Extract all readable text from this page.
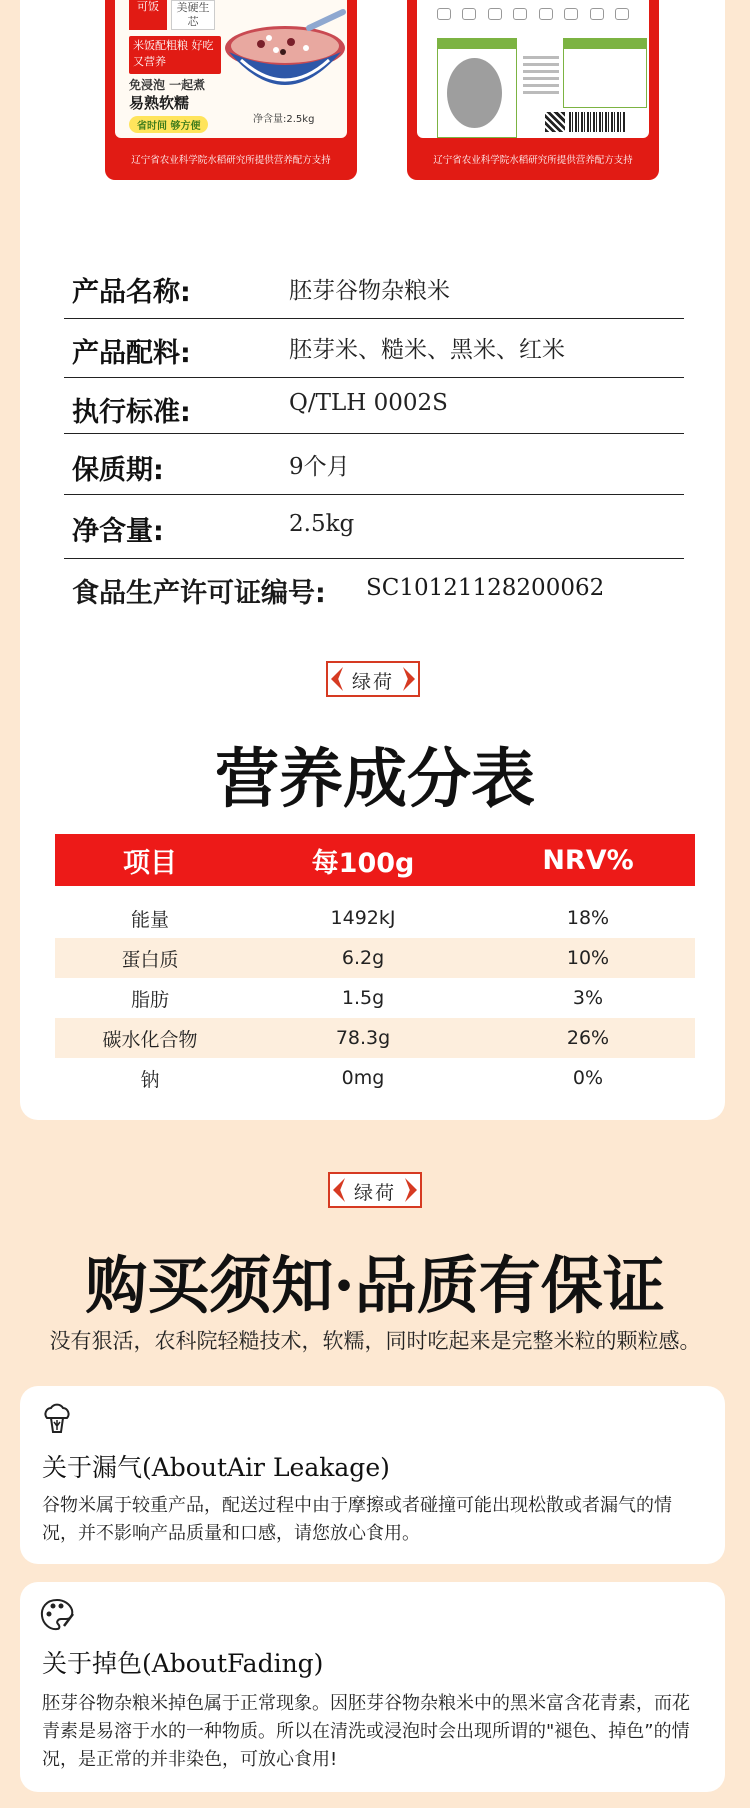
可饭	美硬生芯
米饭配粗粮 好吃又营养
免浸泡 一起煮
易熟软糯
省时间 够方便
净含量:2.5kg
辽宁省农业科学院水稻研究所提供营养配方支持	辽宁省农业科学院水稻研究所提供营养配方支持
产品名称:	胚芽谷物杂粮米
产品配料:	胚芽米、糙米、黑米、红米
执行标准:	Q/TLH 0002S
保质期:	9个月
净含量:	2.5kg
食品生产许可证编号: SC10121128200062
绿荷
营养成分表
项目	每100g	NRV%
能量	1492kJ	18%
蛋白质	6.2g	10%
脂肪	1.5g	3%
碳水化合物	78.3g	26%
钠	0mg	0%
绿荷
购买须知·品质有保证
没有狠活，农科院轻糙技术，软糯，同时吃起来是完整米粒的颗粒感。
关于漏气(AboutAir Leakage)
谷物米属于较重产品，配送过程中由于摩擦或者碰撞可能出现松散或者漏气的情况，并不影响产品质量和口感，请您放心食用。
关于掉色(AboutFading)
胚芽谷物杂粮米掉色属于正常现象。因胚芽谷物杂粮米中的黑米富含花青素，而花青素是易溶于水的一种物质。所以在清洗或浸泡时会出现所谓的"褪色、掉色”的情况，是正常的并非染色，可放心食用!
